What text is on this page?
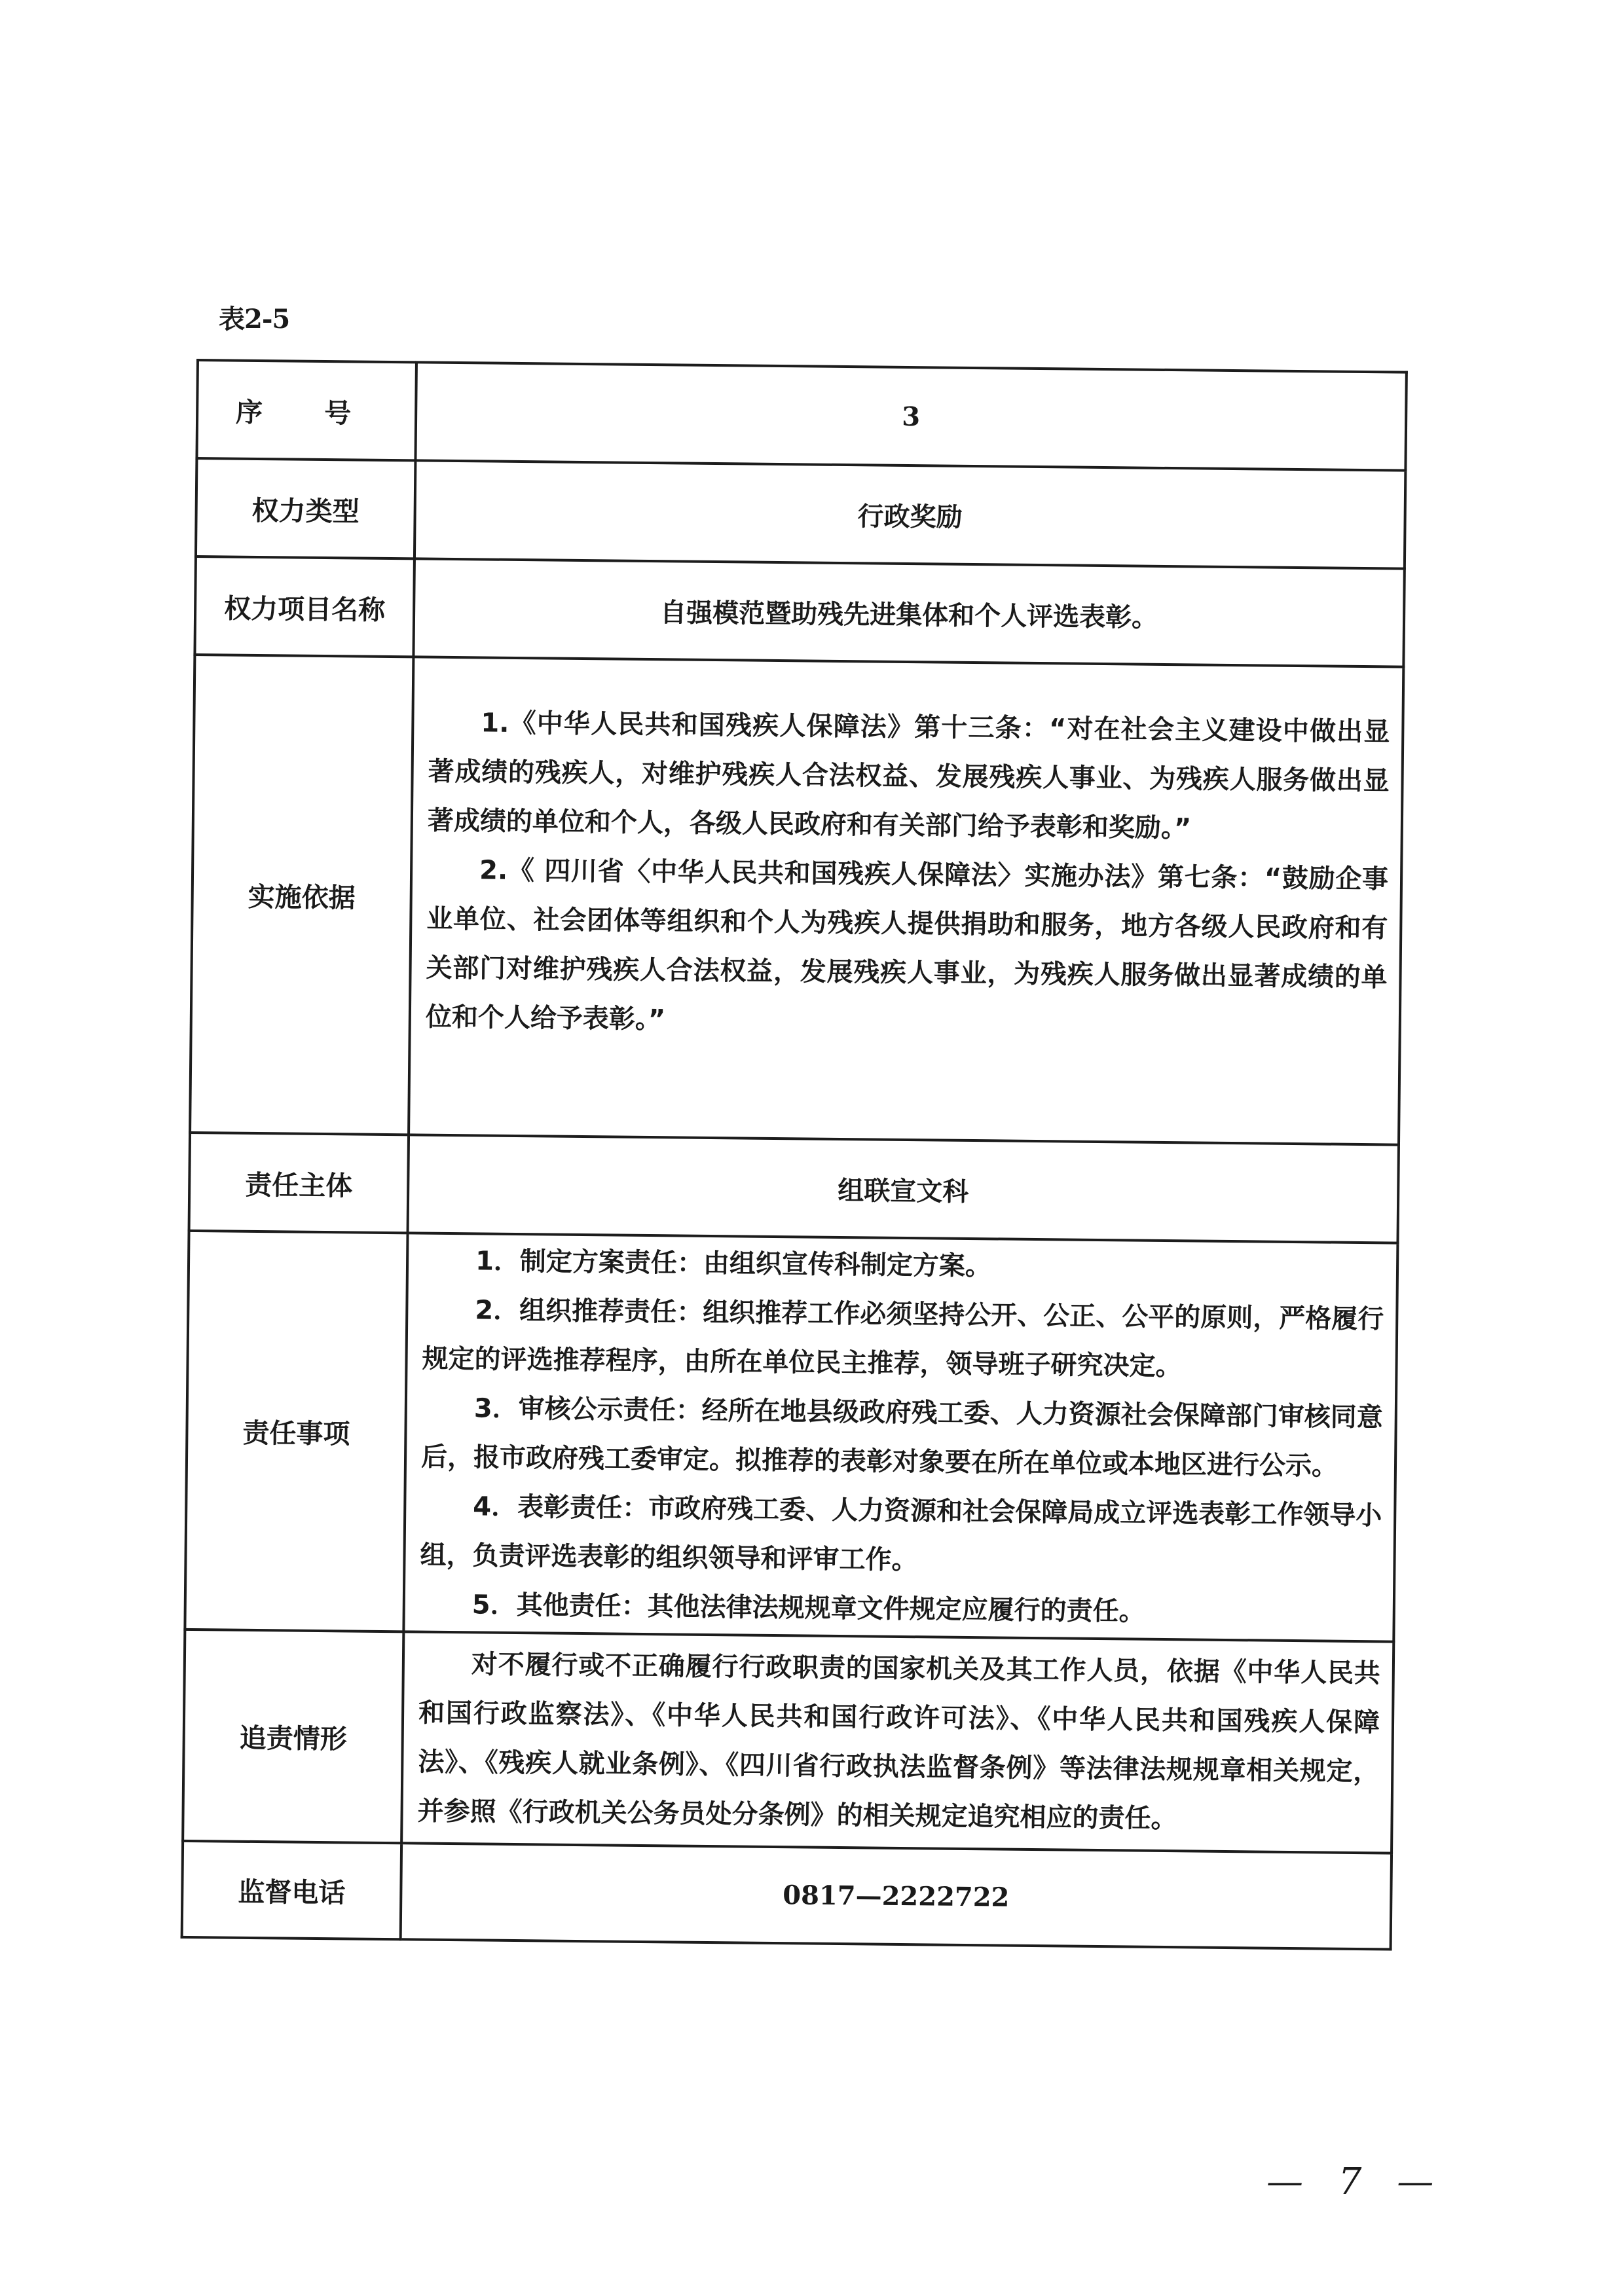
表2-5
序 号	3
权力类型	行政奖励
权力项目名称	自强模范暨助残先进集体和个人评选表彰。
实施依据	1.《中华人民共和国残疾人保障法》第十三条：“对在社会主义建设中做出显著成绩的残疾人，对维护残疾人合法权益、发展残疾人事业、为残疾人服务做出显著成绩的单位和个人，各级人民政府和有关部门给予表彰和奖励。”
2.《 四川省〈中华人民共和国残疾人保障法〉实施办法》第七条：“鼓励企事业单位、社会团体等组织和个人为残疾人提供捐助和服务，地方各级人民政府和有关部门对维护残疾人合法权益，发展残疾人事业，为残疾人服务做出显著成绩的单位和个人给予表彰。”

责任主体	组联宣文科
责任事项	1．制定方案责任：由组织宣传科制定方案。
2．组织推荐责任：组织推荐工作必须坚持公开、公正、公平的原则，严格履行规定的评选推荐程序，由所在单位民主推荐，领导班子研究决定。
3．审核公示责任：经所在地县级政府残工委、人力资源社会保障部门审核同意后，报市政府残工委审定。拟推荐的表彰对象要在所在单位或本地区进行公示。
4．表彰责任：市政府残工委、人力资源和社会保障局成立评选表彰工作领导小组，负责评选表彰的组织领导和评审工作。
5．其他责任：其他法律法规规章文件规定应履行的责任。

追责情形	对不履行或不正确履行行政职责的国家机关及其工作人员，依据《中华人民共和国行政监察法》、《中华人民共和国行政许可法》、《中华人民共和国残疾人保障法》、《残疾人就业条例》、《四川省行政执法监督条例》等法律法规规章相关规定，并参照《行政机关公务员处分条例》的相关规定追究相应的责任。

监督电话	0817—2222722
— 7 —
